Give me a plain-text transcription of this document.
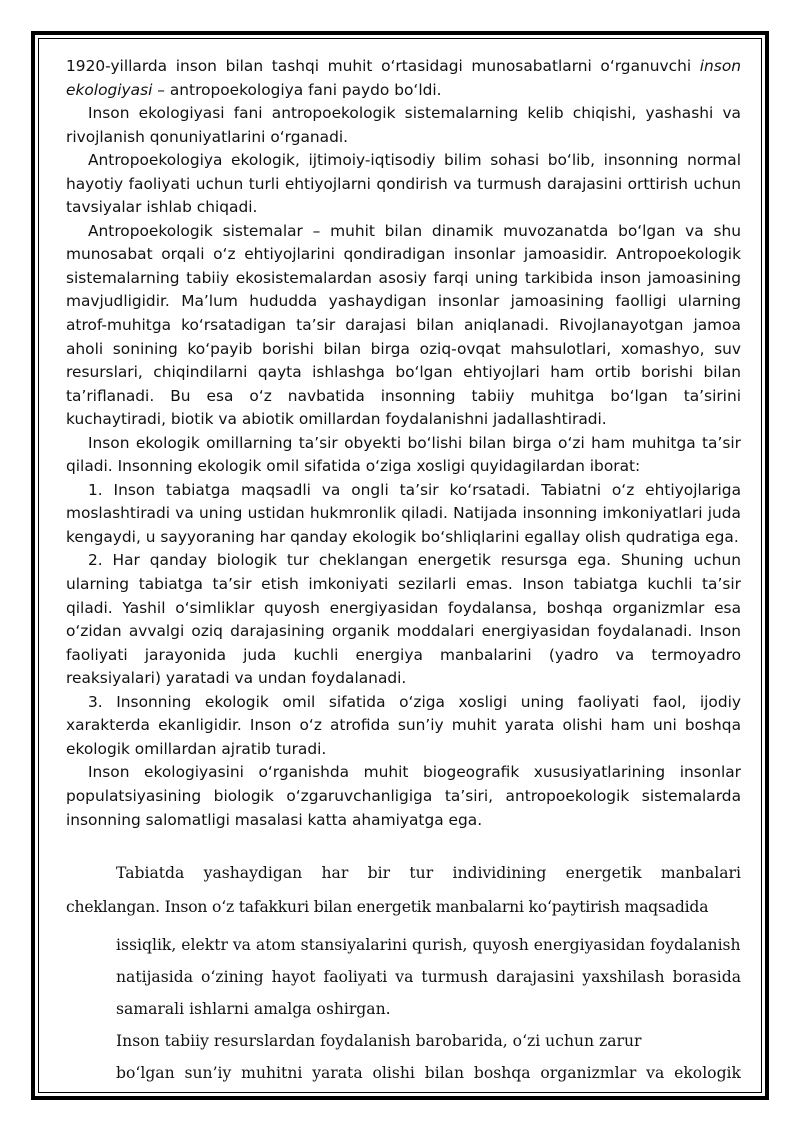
1920-yillarda inson bilan tashqi muhit o‘rtasidagi munosabatlarni o‘rganuvchi inson ekologiyasi – antropoekologiya fani paydo bo‘ldi.

Inson ekologiyasi fani antropoekologik sistemalarning kelib chiqishi, yashashi va rivojlanish qonuniyatlarini o‘rganadi.

Antropoekologiya ekologik, ijtimoiy-iqtisodiy bilim sohasi bo‘lib, insonning normal hayotiy faoliyati uchun turli ehtiyojlarni qondirish va turmush darajasini orttirish uchun tavsiyalar ishlab chiqadi.

Antropoekologik sistemalar – muhit bilan dinamik muvozanatda bo‘lgan va shu munosabat orqali o‘z ehtiyojlarini qondiradigan insonlar jamoasidir. Antropoekologik sistemalarning tabiiy ekosistemalardan asosiy farqi uning tarkibida inson jamoasining mavjudligidir. Ma’lum hududda yashaydigan insonlar jamoasining faolligi ularning atrof-muhitga ko‘rsatadigan ta’sir darajasi bilan aniqlanadi. Rivojlanayotgan jamoa aholi sonining ko‘payib borishi bilan birga oziq-ovqat mahsulotlari, xomashyo, suv resurslari, chiqindilarni qayta ishlashga bo‘lgan ehtiyojlari ham ortib borishi bilan ta’riflanadi. Bu esa o‘z navbatida insonning tabiiy muhitga bo‘lgan ta’sirini kuchaytiradi, biotik va abiotik omillardan foydalanishni jadallashtiradi.

Inson ekologik omillarning ta’sir obyekti bo‘lishi bilan birga o‘zi ham muhitga ta’sir qiladi. Insonning ekologik omil sifatida o‘ziga xosligi quyidagilardan iborat:

1. Inson tabiatga maqsadli va ongli ta’sir ko‘rsatadi. Tabiatni o‘z ehtiyojlariga moslashtiradi va uning ustidan hukmronlik qiladi. Natijada insonning imkoniyatlari juda kengaydi, u sayyoraning har qanday ekologik bo‘shliqlarini egallay olish qudratiga ega.

2. Har qanday biologik tur cheklangan energetik resursga ega. Shuning uchun ularning tabiatga ta’sir etish imkoniyati sezilarli emas. Inson tabiatga kuchli ta’sir qiladi. Yashil o‘simliklar quyosh energiyasidan foydalansa, boshqa organizmlar esa o‘zidan avvalgi oziq darajasining organik moddalari energiyasidan foydalanadi. Inson faoliyati jarayonida juda kuchli energiya manbalarini (yadro va termoyadro reaksiyalari) yaratadi va undan foydalanadi.

3. Insonning ekologik omil sifatida o‘ziga xosligi uning faoliyati faol, ijodiy xarakterda ekanligidir. Inson o‘z atrofida sun’iy muhit yarata olishi ham uni boshqa ekologik omillardan ajratib turadi.

Inson ekologiyasini o‘rganishda muhit biogeografik xususiyatlarining insonlar populatsiyasining biologik o‘zgaruvchanligiga ta’siri, antropoekologik sistemalarda insonning salomatligi masalasi katta ahamiyatga ega.

Tabiatda yashaydigan har bir tur individining energetik manbalari

cheklangan. Inson o‘z tafakkuri bilan energetik manbalarni ko‘paytirish maqsadida

issiqlik, elektr va atom stansiyalarini qurish, quyosh energiyasidan foydalanish

natijasida o‘zining hayot faoliyati va turmush darajasini yaxshilash borasida

samarali ishlarni amalga oshirgan.

Inson tabiiy resurslardan foydalanish barobarida, o‘zi uchun zarur

bo‘lgan sun’iy muhitni yarata olishi bilan boshqa organizmlar va ekologik
